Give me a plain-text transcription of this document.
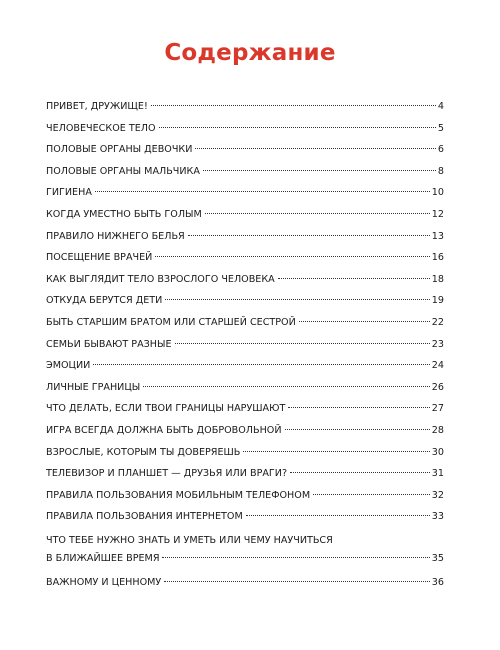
Содержание
ПРИВЕТ, ДРУЖИЩЕ!	4
ЧЕЛОВЕЧЕСКОЕ ТЕЛО	5
ПОЛОВЫЕ ОРГАНЫ ДЕВОЧКИ	6
ПОЛОВЫЕ ОРГАНЫ МАЛЬЧИКА	8
ГИГИЕНА	10
КОГДА УМЕСТНО БЫТЬ ГОЛЫМ	12
ПРАВИЛО НИЖНЕГО БЕЛЬЯ	13
ПОСЕЩЕНИЕ ВРАЧЕЙ	16
КАК ВЫГЛЯДИТ ТЕЛО ВЗРОСЛОГО ЧЕЛОВЕКА	18
ОТКУДА БЕРУТСЯ ДЕТИ	19
БЫТЬ СТАРШИМ БРАТОМ ИЛИ СТАРШЕЙ СЕСТРОЙ	22
СЕМЬИ БЫВАЮТ РАЗНЫЕ	23
ЭМОЦИИ	24
ЛИЧНЫЕ ГРАНИЦЫ	26
ЧТО ДЕЛАТЬ, ЕСЛИ ТВОИ ГРАНИЦЫ НАРУШАЮТ	27
ИГРА ВСЕГДА ДОЛЖНА БЫТЬ ДОБРОВОЛЬНОЙ	28
ВЗРОСЛЫЕ, КОТОРЫМ ТЫ ДОВЕРЯЕШЬ	30
ТЕЛЕВИЗОР И ПЛАНШЕТ — ДРУЗЬЯ ИЛИ ВРАГИ?	31
ПРАВИЛА ПОЛЬЗОВАНИЯ МОБИЛЬНЫМ ТЕЛЕФОНОМ	32
ПРАВИЛА ПОЛЬЗОВАНИЯ ИНТЕРНЕТОМ	33
ЧТО ТЕБЕ НУЖНО ЗНАТЬ И УМЕТЬ ИЛИ ЧЕМУ НАУЧИТЬСЯ
В БЛИЖАЙШЕЕ ВРЕМЯ	35
ВАЖНОМУ И ЦЕННОМУ	36
